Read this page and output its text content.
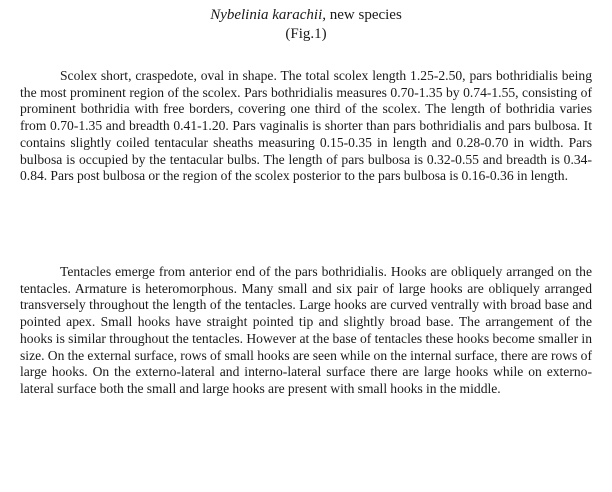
Nybelinia karachii, new species
(Fig.1)

Scolex short, craspedote, oval in shape. The total scolex length 1.25-2.50, pars bothridialis being the most prominent region of the scolex. Pars bothridialis measures 0.70-1.35 by 0.74-1.55, consisting of prominent bothridia with free borders, covering one third of the scolex. The length of bothridia varies from 0.70-1.35 and breadth 0.41-1.20. Pars vaginalis is shorter than pars bothridialis and pars bulbosa. It contains slightly coiled tentacular sheaths measuring 0.15-0.35 in length and 0.28-0.70 in width. Pars bulbosa is occupied by the tentacular bulbs. The length of pars bulbosa is 0.32-0.55 and breadth is 0.34-0.84. Pars post bulbosa or the region of the scolex posterior to the pars bulbosa is 0.16-0.36 in length.

Tentacles emerge from anterior end of the pars bothridialis. Hooks are obliquely arranged on the tentacles. Armature is heteromorphous. Many small and six pair of large hooks are obliquely arranged transversely throughout the length of the tentacles. Large hooks are curved ventrally with broad base and pointed apex. Small hooks have straight pointed tip and slightly broad base. The arrangement of the hooks is similar throughout the tentacles. However at the base of tentacles these hooks become smaller in size. On the external surface, rows of small hooks are seen while on the internal surface, there are rows of large hooks. On the externo-lateral and interno-lateral surface there are large hooks while on externo-lateral surface both the small and large hooks are present with small hooks in the middle.
